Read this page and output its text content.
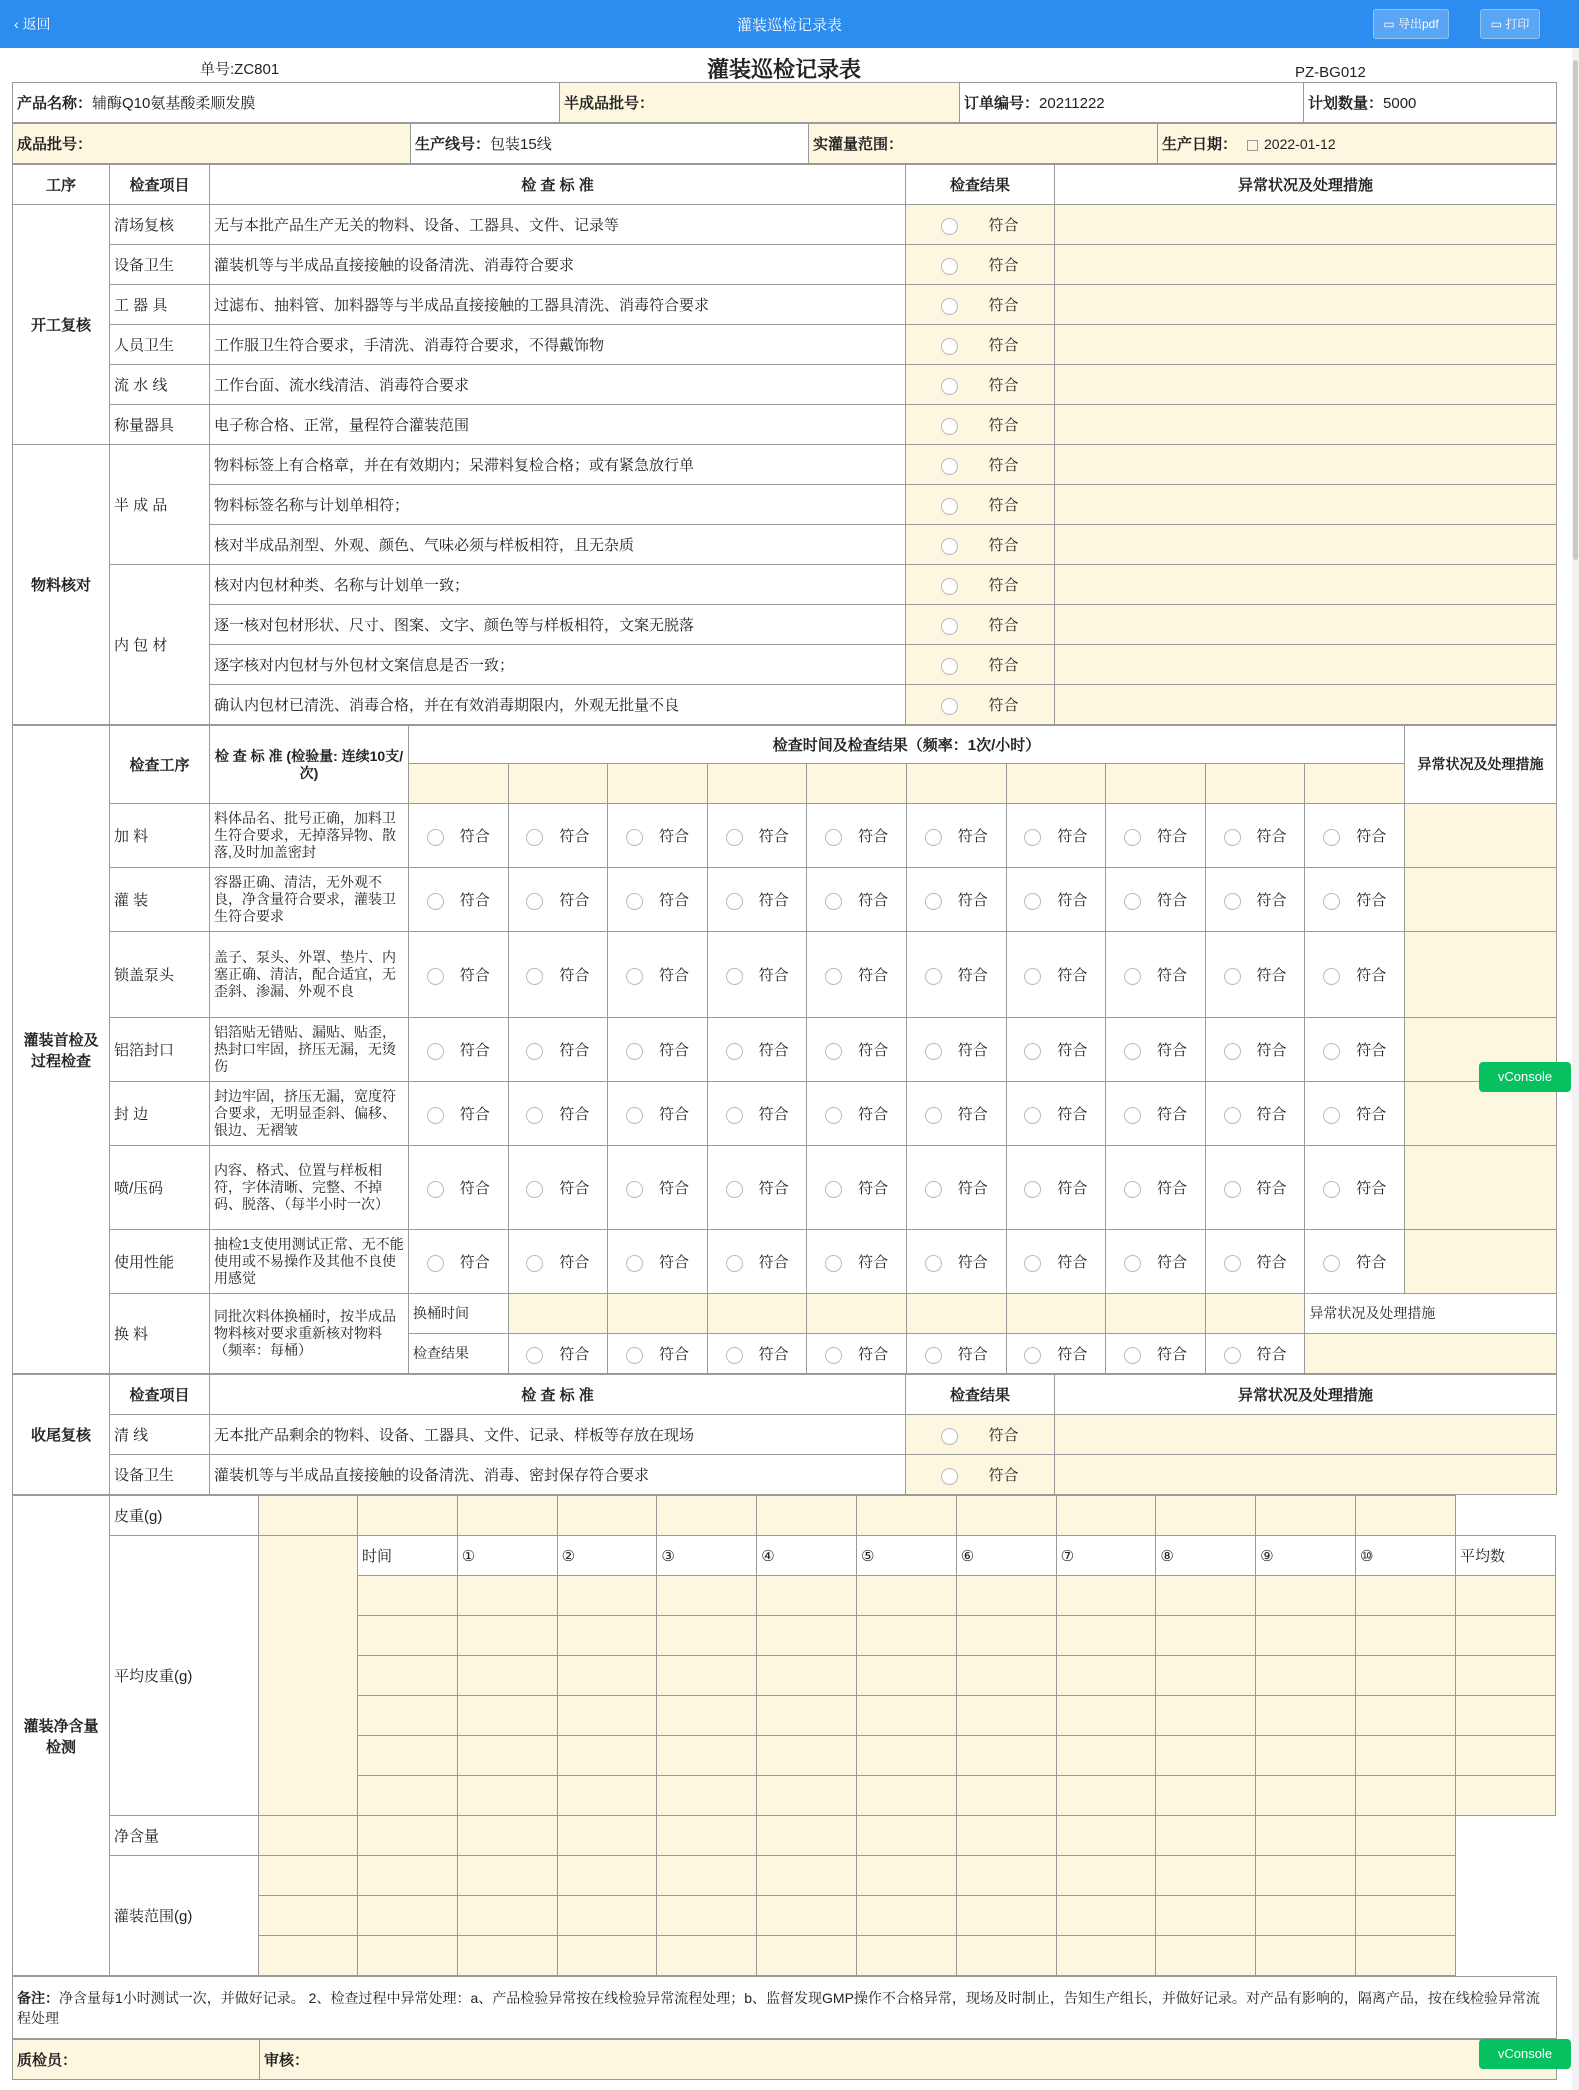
‹ 返回	灌装巡检记录表	▭ 导出pdf	▭ 打印
单号:ZC801	灌装巡检记录表	PZ-BG012
产品名称：辅酶Q10氨基酸柔顺发膜	半成品批号：	订单编号：20211222	计划数量：5000
成品批号：	生产线号：包装15线	实灌量范围：	生产日期： 2022-01-12
工序	检查项目	检 查 标 准	检查结果	异常状况及处理措施
开工复核	清场复核	无与本批产品生产无关的物料、设备、工器具、文件、记录等	符合	
	设备卫生	灌装机等与半成品直接接触的设备清洗、消毒符合要求	符合	
	工 器 具	过滤布、抽料管、加料器等与半成品直接接触的工器具清洗、消毒符合要求	符合	
	人员卫生	工作服卫生符合要求，手清洗、消毒符合要求，不得戴饰物	符合	
	流 水 线	工作台面、流水线清洁、消毒符合要求	符合	
	称量器具	电子称合格、正常，量程符合灌装范围	符合	
物料核对	半 成 品	物料标签上有合格章，并在有效期内；呆滞料复检合格；或有紧急放行单	符合	
		物料标签名称与计划单相符；	符合	
		核对半成品剂型、外观、颜色、气味必须与样板相符，且无杂质	符合	
	内 包 材	核对内包材种类、名称与计划单一致；	符合	
		逐一核对包材形状、尺寸、图案、文字、颜色等与样板相符，文案无脱落	符合	
		逐字核对内包材与外包材文案信息是否一致；	符合	
		确认内包材已清洗、消毒合格，并在有效消毒期限内，外观无批量不良	符合	
灌装首检及过程检查	检查工序	检 查 标 准 (检验量: 连续10支/次)	检查时间及检查结果（频率：1次/小时）										异常状况及处理措施

	加 料	料体品名、批号正确，加料卫生符合要求，无掉落异物、散落,及时加盖密封	符合	符合	符合	符合	符合	符合	符合	符合	符合	符合	
	灌 装	容器正确、清洁，无外观不良，净含量符合要求，灌装卫生符合要求	符合	符合	符合	符合	符合	符合	符合	符合	符合	符合	
	锁盖泵头	盖子、泵头、外罩、垫片、内塞正确、清洁，配合适宜，无歪斜、渗漏、外观不良	符合	符合	符合	符合	符合	符合	符合	符合	符合	符合	
	铝箔封口	铝箔贴无错贴、漏贴、贴歪，热封口牢固，挤压无漏，无烫伤	符合	符合	符合	符合	符合	符合	符合	符合	符合	符合	
	封 边	封边牢固，挤压无漏，宽度符合要求，无明显歪斜、偏移、银边、无褶皱	符合	符合	符合	符合	符合	符合	符合	符合	符合	符合	
	喷/压码	内容、格式、位置与样板相符，字体清晰、完整、不掉码、脱落、（每半小时一次）	符合	符合	符合	符合	符合	符合	符合	符合	符合	符合	
	使用性能	抽检1支使用测试正常、无不能使用或不易操作及其他不良使用感觉	符合	符合	符合	符合	符合	符合	符合	符合	符合	符合	
	换 料	同批次料体换桶时，按半成品物料核对要求重新核对物料（频率：每桶）	换桶时间									异常状况及处理措施	
			检查结果	符合	符合	符合	符合	符合	符合	符合	符合		
收尾复核	检查项目	检 查 标 准	检查结果	异常状况及处理措施
	清 线	无本批产品剩余的物料、设备、工器具、文件、记录、样板等存放在现场	符合	
	设备卫生	灌装机等与半成品直接接触的设备清洗、消毒、密封保存符合要求	符合	
灌装净含量检测	皮重(g)													
	平均皮重(g)		时间	①	②	③	④	⑤	⑥	⑦	⑧	⑨	⑩	平均数

	净含量													
	灌装范围(g)													

备注：净含量每1小时测试一次，并做好记录。 2、检查过程中异常处理：a、产品检验异常按在线检验异常流程处理；b、监督发现GMP操作不合格异常，现场及时制止，告知生产组长，并做好记录。对产品有影响的，隔离产品，按在线检验异常流程处理
质检员：	审核：
vConsole
vConsole
